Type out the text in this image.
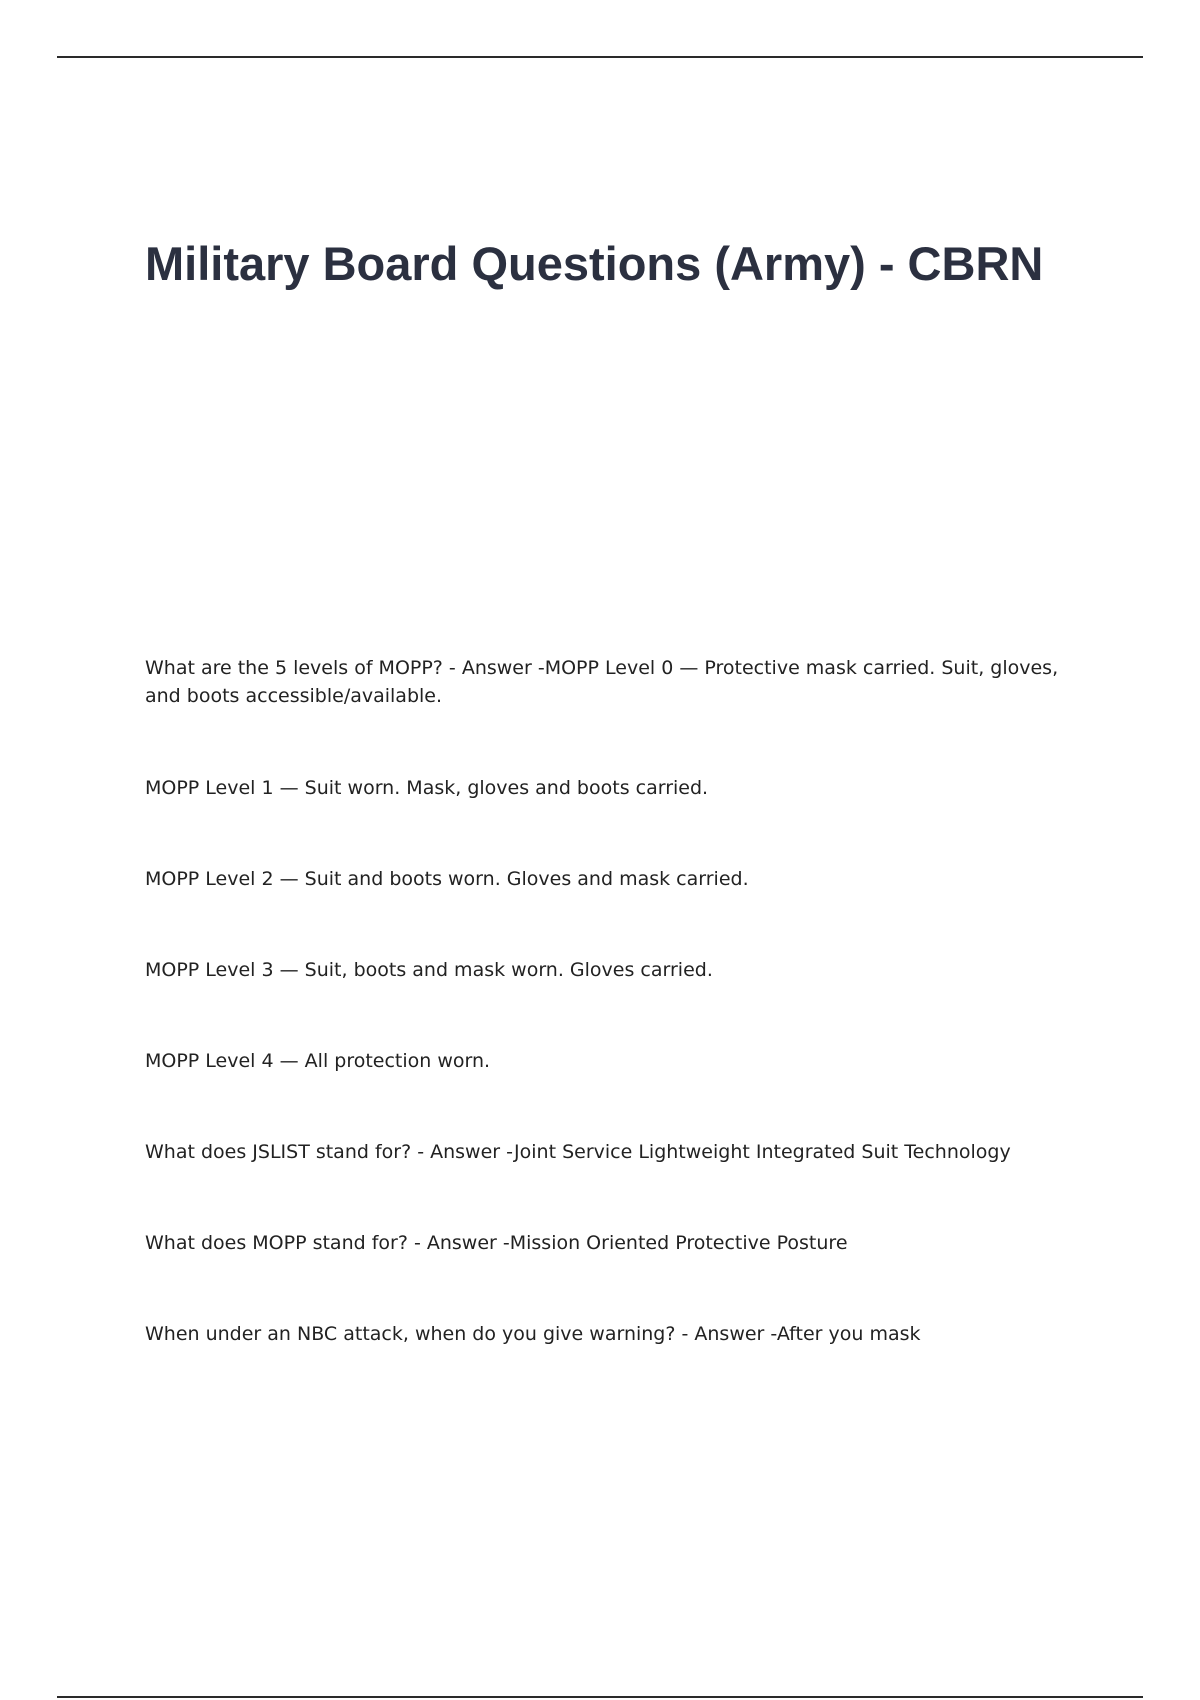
Military Board Questions (Army) - CBRN

What are the 5 levels of MOPP? - Answer -MOPP Level 0 — Protective mask carried. Suit, gloves, and boots accessible/available.

MOPP Level 1 — Suit worn. Mask, gloves and boots carried.

MOPP Level 2 — Suit and boots worn. Gloves and mask carried.

MOPP Level 3 — Suit, boots and mask worn. Gloves carried.

MOPP Level 4 — All protection worn.

What does JSLIST stand for? - Answer -Joint Service Lightweight Integrated Suit Technology

What does MOPP stand for? - Answer -Mission Oriented Protective Posture

When under an NBC attack, when do you give warning? - Answer -After you mask
